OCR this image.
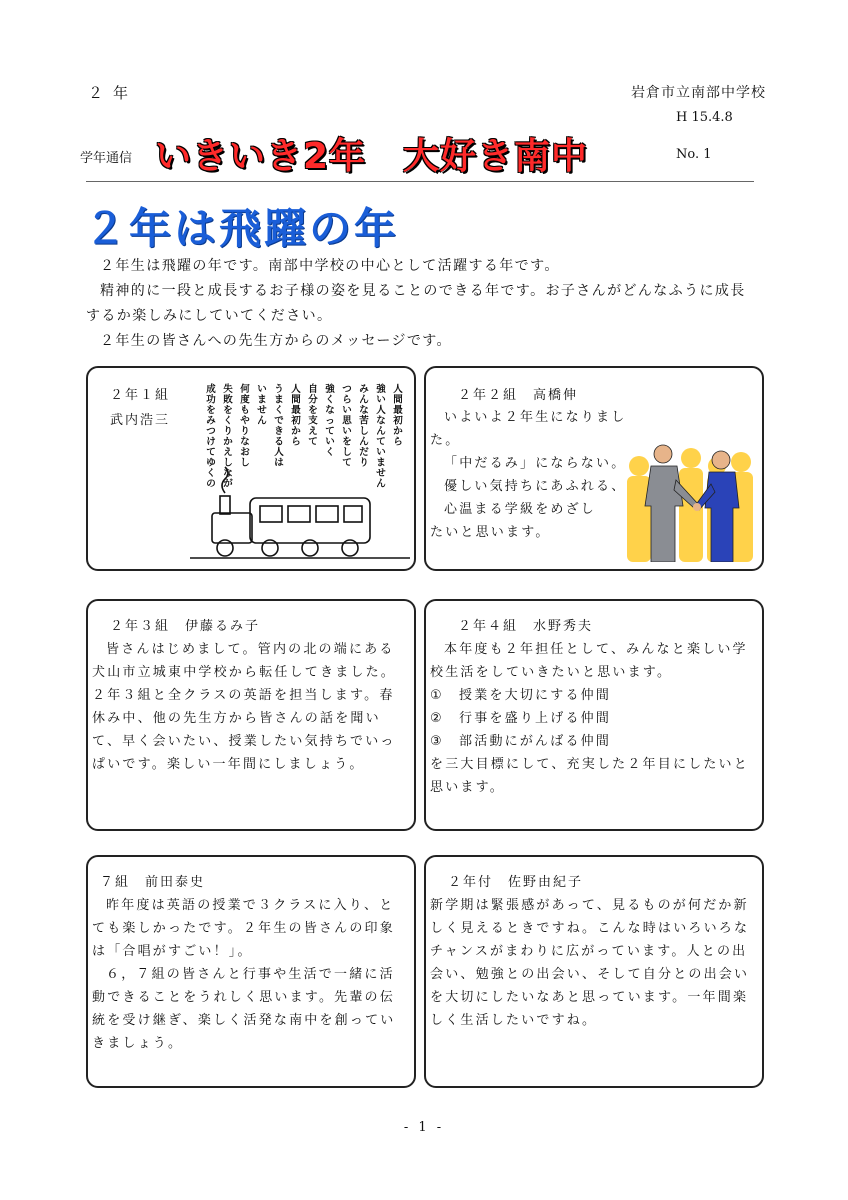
２年	岩倉市立南部中学校
H 15.4.8
学年通信 いきいき2年　大好き南中	No. 1
２年は飛躍の年
２年生は飛躍の年です。南部中学校の中心として活躍する年です。
精神的に一段と成長するお子様の姿を見ることのできる年です。お子さんがどんなふうに成長するか楽しみにしていてください。
２年生の皆さんへの先生方からのメッセージです。
２年１組
武内浩三
人
間
最
初
か
ら
強
い
人
な
ん
て
い
ま
せ
ん
み
ん
な
苦
し
ん
だ
り
つ
ら
い
思
い
を
し
て
強
く
な
っ
て
い
く
自
分
を
支
え
て
人
間
最
初
か
ら
う
ま
く
で
き
る
人
は
い
ま
せ
ん
何
度
も
や
り
な
お
し
失
敗
を
く
り
か
え
し
な
が
成
功
を
み
つ
け
て
ゆ
く
の
２年２組　高橋伸
いよいよ２年生になりました。
「中だるみ」にならない。
優しい気持ちにあふれる、
心温まる学級をめざし
たいと思います。
２年３組　伊藤るみ子
皆さんはじめまして。管内の北の端にある犬山市立城東中学校から転任してきました。２年３組と全クラスの英語を担当します。春休み中、他の先生方から皆さんの話を聞いて、早く会いたい、授業したい気持ちでいっぱいです。楽しい一年間にしましょう。
２年４組　水野秀夫
本年度も２年担任として、みんなと楽しい学校生活をしていきたいと思います。
①　授業を大切にする仲間
②　行事を盛り上げる仲間
③　部活動にがんばる仲間
を三大目標にして、充実した２年目にしたいと思います。
７組　前田泰史
昨年度は英語の授業で３クラスに入り、とても楽しかったです。２年生の皆さんの印象は「合唱がすごい！」。
６，７組の皆さんと行事や生活で一緒に活動できることをうれしく思います。先輩の伝統を受け継ぎ、楽しく活発な南中を創っていきましょう。
２年付　佐野由紀子
新学期は緊張感があって、見るものが何だか新しく見えるときですね。こんな時はいろいろなチャンスがまわりに広がっています。人との出会い、勉強との出会い、そして自分との出会いを大切にしたいなあと思っています。一年間楽しく生活したいですね。
- 1 -
